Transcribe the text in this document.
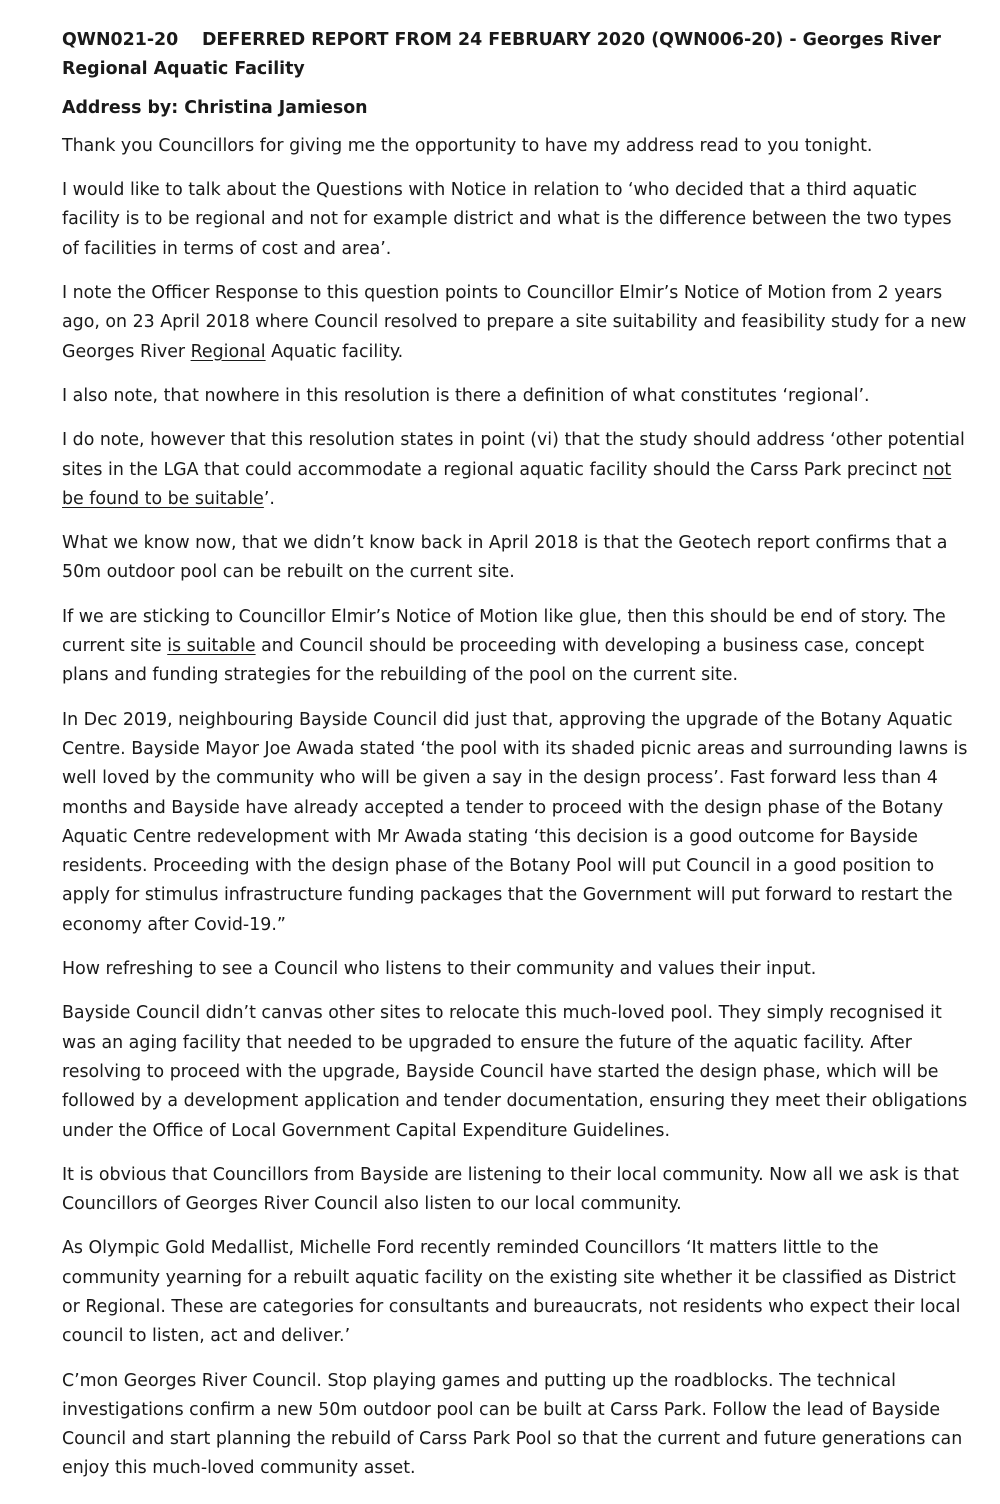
QWN021-20 DEFERRED REPORT FROM 24 FEBRUARY 2020 (QWN006-20) - Georges River Regional Aquatic Facility
Address by: Christina Jamieson

Thank you Councillors for giving me the opportunity to have my address read to you tonight.

I would like to talk about the Questions with Notice in relation to ‘who decided that a third aquatic facility is to be regional and not for example district and what is the difference between the two types of facilities in terms of cost and area’.

I note the Officer Response to this question points to Councillor Elmir’s Notice of Motion from 2 years ago, on 23 April 2018 where Council resolved to prepare a site suitability and feasibility study for a new Georges River Regional Aquatic facility.

I also note, that nowhere in this resolution is there a definition of what constitutes ‘regional’.

I do note, however that this resolution states in point (vi) that the study should address ‘other potential sites in the LGA that could accommodate a regional aquatic facility should the Carss Park precinct not be found to be suitable’.

What we know now, that we didn’t know back in April 2018 is that the Geotech report confirms that a 50m outdoor pool can be rebuilt on the current site.

If we are sticking to Councillor Elmir’s Notice of Motion like glue, then this should be end of story. The current site is suitable and Council should be proceeding with developing a business case, concept plans and funding strategies for the rebuilding of the pool on the current site.

In Dec 2019, neighbouring Bayside Council did just that, approving the upgrade of the Botany Aquatic Centre. Bayside Mayor Joe Awada stated ‘the pool with its shaded picnic areas and surrounding lawns is well loved by the community who will be given a say in the design process’. Fast forward less than 4 months and Bayside have already accepted a tender to proceed with the design phase of the Botany Aquatic Centre redevelopment with Mr Awada stating ‘this decision is a good outcome for Bayside residents. Proceeding with the design phase of the Botany Pool will put Council in a good position to apply for stimulus infrastructure funding packages that the Government will put forward to restart the economy after Covid-19.”

How refreshing to see a Council who listens to their community and values their input.

Bayside Council didn’t canvas other sites to relocate this much-loved pool. They simply recognised it was an aging facility that needed to be upgraded to ensure the future of the aquatic facility. After resolving to proceed with the upgrade, Bayside Council have started the design phase, which will be followed by a development application and tender documentation, ensuring they meet their obligations under the Office of Local Government Capital Expenditure Guidelines.

It is obvious that Councillors from Bayside are listening to their local community. Now all we ask is that Councillors of Georges River Council also listen to our local community.

As Olympic Gold Medallist, Michelle Ford recently reminded Councillors ‘It matters little to the community yearning for a rebuilt aquatic facility on the existing site whether it be classified as District or Regional. These are categories for consultants and bureaucrats, not residents who expect their local council to listen, act and deliver.’

C’mon Georges River Council. Stop playing games and putting up the roadblocks. The technical investigations confirm a new 50m outdoor pool can be built at Carss Park. Follow the lead of Bayside Council and start planning the rebuild of Carss Park Pool so that the current and future generations can enjoy this much-loved community asset.
